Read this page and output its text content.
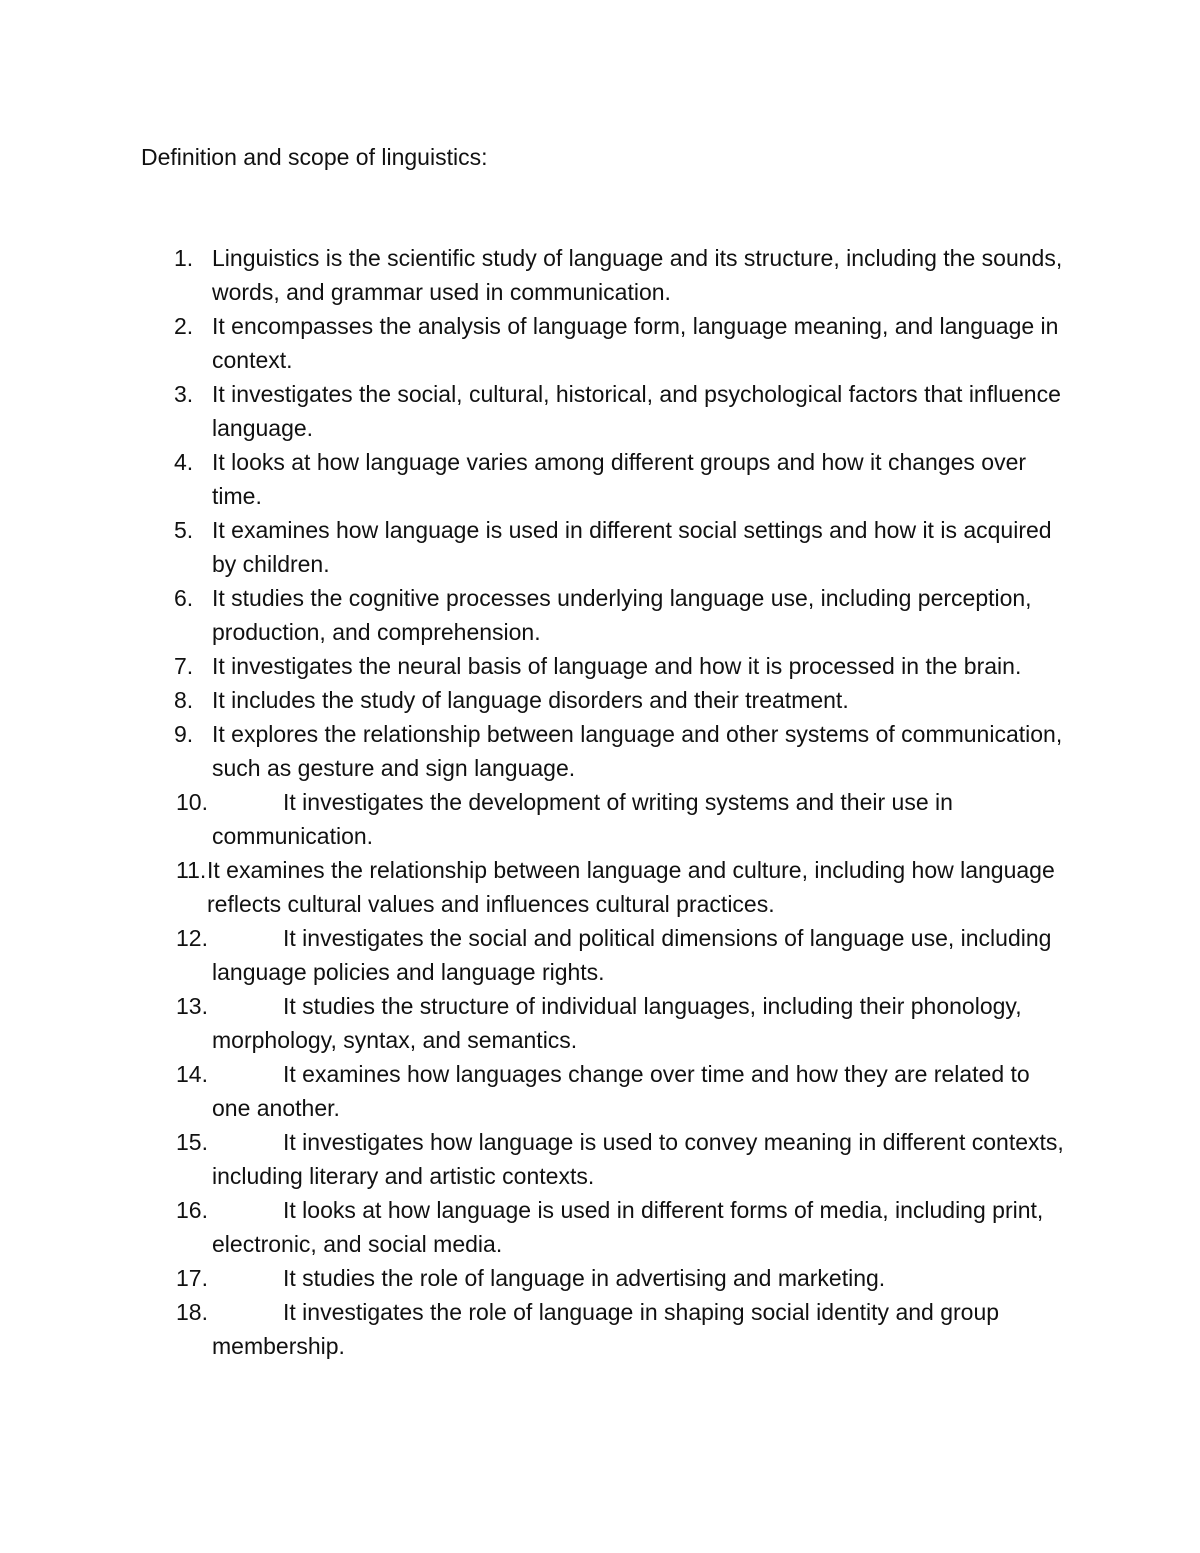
Definition and scope of linguistics:
1. Linguistics is the scientific study of language and its structure, including the sounds, words, and grammar used in communication.
2. It encompasses the analysis of language form, language meaning, and language in context.
3. It investigates the social, cultural, historical, and psychological factors that influence language.
4. It looks at how language varies among different groups and how it changes over time.
5. It examines how language is used in different social settings and how it is acquired by children.
6. It studies the cognitive processes underlying language use, including perception, production, and comprehension.
7. It investigates the neural basis of language and how it is processed in the brain.
8. It includes the study of language disorders and their treatment.
9. It explores the relationship between language and other systems of communication, such as gesture and sign language.
10.	It investigates the development of writing systems and their use in communication.
11. It examines the relationship between language and culture, including how language reflects cultural values and influences cultural practices.
12.	It investigates the social and political dimensions of language use, including language policies and language rights.
13.	It studies the structure of individual languages, including their phonology, morphology, syntax, and semantics.
14.	It examines how languages change over time and how they are related to one another.
15.	It investigates how language is used to convey meaning in different contexts, including literary and artistic contexts.
16.	It looks at how language is used in different forms of media, including print, electronic, and social media.
17.	It studies the role of language in advertising and marketing.
18.	It investigates the role of language in shaping social identity and group membership.
